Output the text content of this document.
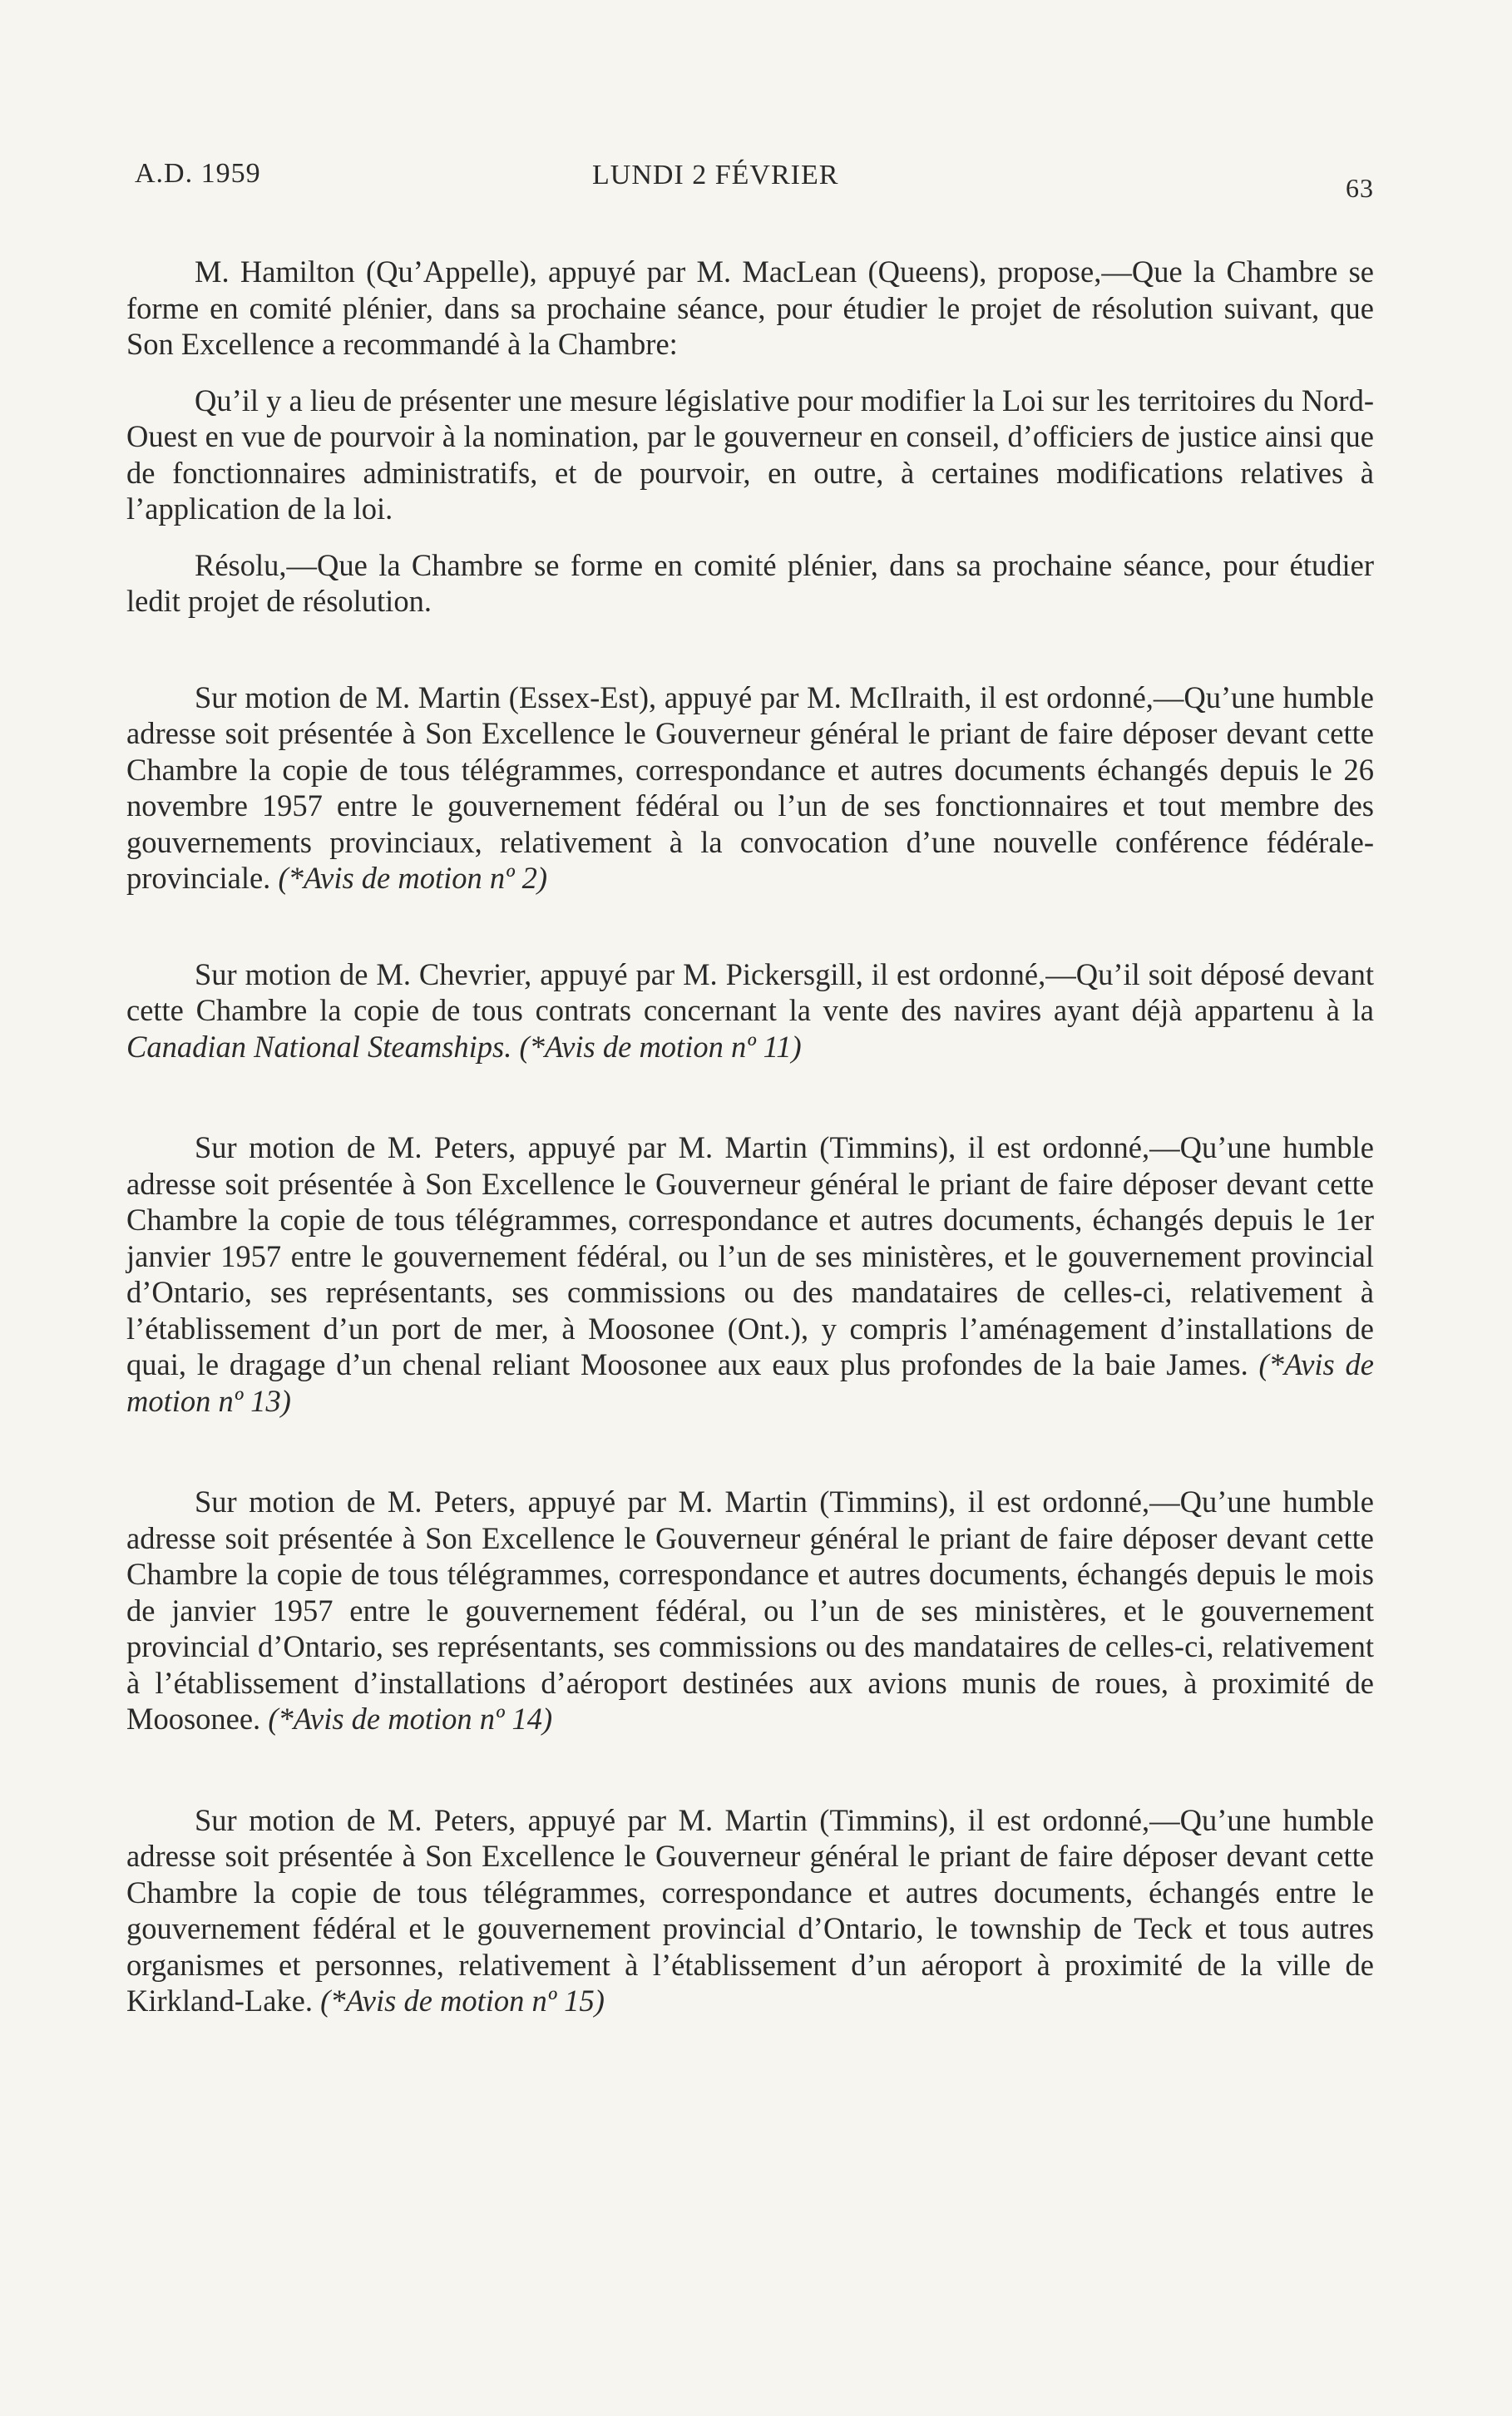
A.D. 1959	LUNDI 2 FÉVRIER	63

M. Hamilton (Qu’Appelle), appuyé par M. MacLean (Queens), propose,—Que la Chambre se forme en comité plénier, dans sa prochaine séance, pour étudier le projet de résolution suivant, que Son Excellence a recommandé à la Chambre:

Qu’il y a lieu de présenter une mesure législative pour modifier la Loi sur les territoires du Nord-Ouest en vue de pourvoir à la nomination, par le gouverneur en conseil, d’officiers de justice ainsi que de fonctionnaires administratifs, et de pourvoir, en outre, à certaines modifications relatives à l’application de la loi.

Résolu,—Que la Chambre se forme en comité plénier, dans sa prochaine séance, pour étudier ledit projet de résolution.

Sur motion de M. Martin (Essex-Est), appuyé par M. McIlraith, il est ordonné,—Qu’une humble adresse soit présentée à Son Excellence le Gouverneur général le priant de faire déposer devant cette Chambre la copie de tous télégrammes, correspondance et autres documents échangés depuis le 26 novembre 1957 entre le gouvernement fédéral ou l’un de ses fonctionnaires et tout membre des gouvernements provinciaux, relativement à la convocation d’une nouvelle conférence fédérale-provinciale. (*Avis de motion nº 2)

Sur motion de M. Chevrier, appuyé par M. Pickersgill, il est ordonné,—Qu’il soit déposé devant cette Chambre la copie de tous contrats concernant la vente des navires ayant déjà appartenu à la Canadian National Steamships. (*Avis de motion nº 11)

Sur motion de M. Peters, appuyé par M. Martin (Timmins), il est ordonné,—Qu’une humble adresse soit présentée à Son Excellence le Gouverneur général le priant de faire déposer devant cette Chambre la copie de tous télégrammes, correspondance et autres documents, échangés depuis le 1er janvier 1957 entre le gouvernement fédéral, ou l’un de ses ministères, et le gouvernement provincial d’Ontario, ses représentants, ses commissions ou des mandataires de celles-ci, relativement à l’établissement d’un port de mer, à Moosonee (Ont.), y compris l’aménagement d’installations de quai, le dragage d’un chenal reliant Moosonee aux eaux plus profondes de la baie James. (*Avis de motion nº 13)

Sur motion de M. Peters, appuyé par M. Martin (Timmins), il est ordonné,—Qu’une humble adresse soit présentée à Son Excellence le Gouverneur général le priant de faire déposer devant cette Chambre la copie de tous télégrammes, correspondance et autres documents, échangés depuis le mois de janvier 1957 entre le gouvernement fédéral, ou l’un de ses ministères, et le gouvernement provincial d’Ontario, ses représentants, ses commissions ou des mandataires de celles-ci, relativement à l’établissement d’installations d’aéroport destinées aux avions munis de roues, à proximité de Moosonee. (*Avis de motion nº 14)

Sur motion de M. Peters, appuyé par M. Martin (Timmins), il est ordonné,—Qu’une humble adresse soit présentée à Son Excellence le Gouverneur général le priant de faire déposer devant cette Chambre la copie de tous télégrammes, correspondance et autres documents, échangés entre le gouvernement fédéral et le gouvernement provincial d’Ontario, le township de Teck et tous autres organismes et personnes, relativement à l’établissement d’un aéroport à proximité de la ville de Kirkland-Lake. (*Avis de motion nº 15)
